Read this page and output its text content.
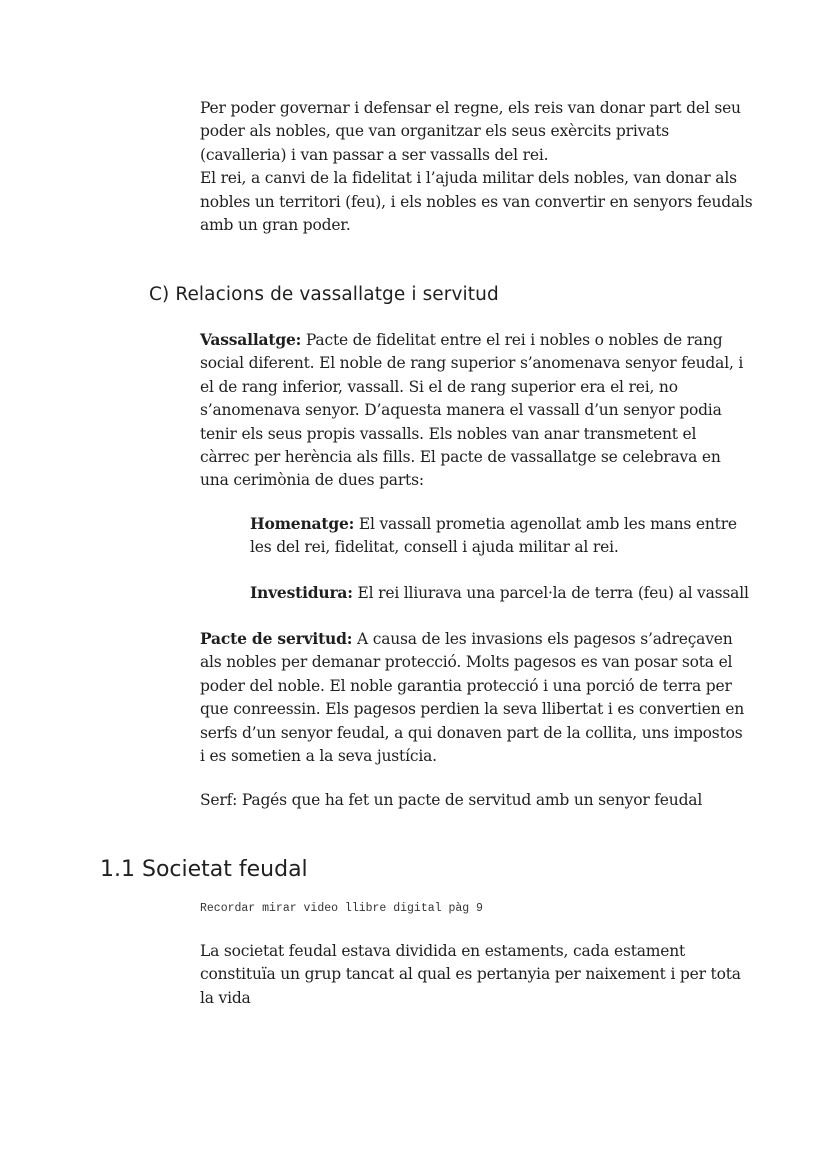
Per poder governar i defensar el regne, els reis van donar part del seu poder als nobles, que van organitzar els seus exèrcits privats (cavalleria) i van passar a ser vassalls del rei.

El rei, a canvi de la fidelitat i l’ajuda militar dels nobles, van donar als nobles un territori (feu), i els nobles es van convertir en senyors feudals amb un gran poder.

C) Relacions de vassallatge i servitud

Vassallatge: Pacte de fidelitat entre el rei i nobles o nobles de rang social diferent. El noble de rang superior s’anomenava senyor feudal, i el de rang inferior, vassall. Si el de rang superior era el rei, no s’anomenava senyor. D’aquesta manera el vassall d’un senyor podia tenir els seus propis vassalls. Els nobles van anar transmetent el càrrec per herència als fills. El pacte de vassallatge se celebrava en una cerimònia de dues parts:

Homenatge: El vassall prometia agenollat amb les mans entre les del rei, fidelitat, consell i ajuda militar al rei.

Investidura: El rei lliurava una parcel·la de terra (feu) al vassall

Pacte de servitud: A causa de les invasions els pagesos s’adreçaven als nobles per demanar protecció. Molts pagesos es van posar sota el poder del noble. El noble garantia protecció i una porció de terra per que conreessin. Els pagesos perdien la seva llibertat i es convertien en serfs d’un senyor feudal, a qui donaven part de la collita, uns impostos i es sometien a la seva justícia.

Serf: Pagés que ha fet un pacte de servitud amb un senyor feudal
1.1 Societat feudal
Recordar mirar video llibre digital pàg 9
La societat feudal estava dividida en estaments, cada estament constituïa un grup tancat al qual es pertanyia per naixement i per tota la vida
